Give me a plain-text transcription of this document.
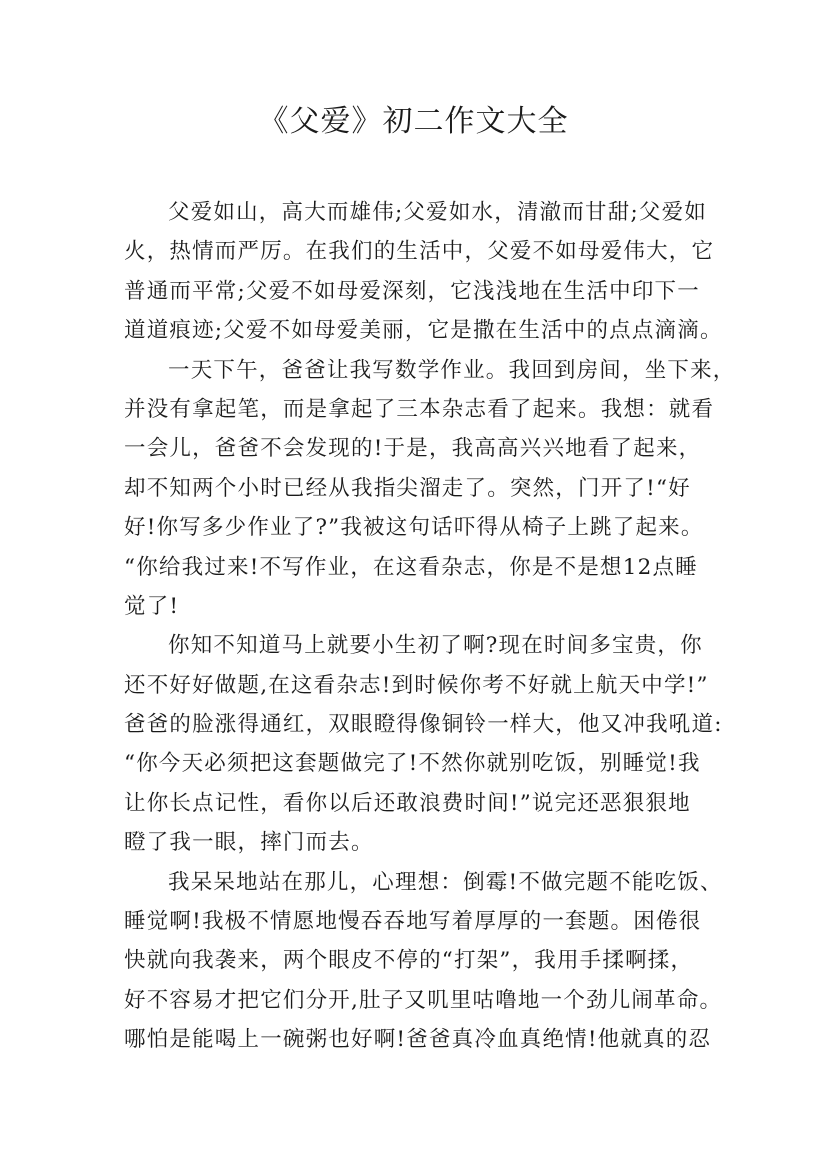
《父爱》初二作文大全
父爱如山，高大而雄伟;父爱如水，清澈而甘甜;父爱如
火，热情而严厉。在我们的生活中，父爱不如母爱伟大，它
普通而平常;父爱不如母爱深刻，它浅浅地在生活中印下一
道道痕迹;父爱不如母爱美丽，它是撒在生活中的点点滴滴。
一天下午，爸爸让我写数学作业。我回到房间，坐下来，
并没有拿起笔，而是拿起了三本杂志看了起来。我想：就看
一会儿，爸爸不会发现的!于是，我高高兴兴地看了起来，
却不知两个小时已经从我指尖溜走了。突然，门开了!“好
好!你写多少作业了?”我被这句话吓得从椅子上跳了起来。
“你给我过来!不写作业，在这看杂志，你是不是想12点睡
觉了!
你知不知道马上就要小生初了啊?现在时间多宝贵，你
还不好好做题,在这看杂志!到时候你考不好就上航天中学!”
爸爸的脸涨得通红，双眼瞪得像铜铃一样大，他又冲我吼道:
“你今天必须把这套题做完了!不然你就别吃饭，别睡觉!我
让你长点记性，看你以后还敢浪费时间!”说完还恶狠狠地
瞪了我一眼，摔门而去。
我呆呆地站在那儿，心理想：倒霉!不做完题不能吃饭、
睡觉啊!我极不情愿地慢吞吞地写着厚厚的一套题。困倦很
快就向我袭来，两个眼皮不停的“打架”，我用手揉啊揉，
好不容易才把它们分开,肚子又叽里咕噜地一个劲儿闹革命。
哪怕是能喝上一碗粥也好啊!爸爸真冷血真绝情!他就真的忍
